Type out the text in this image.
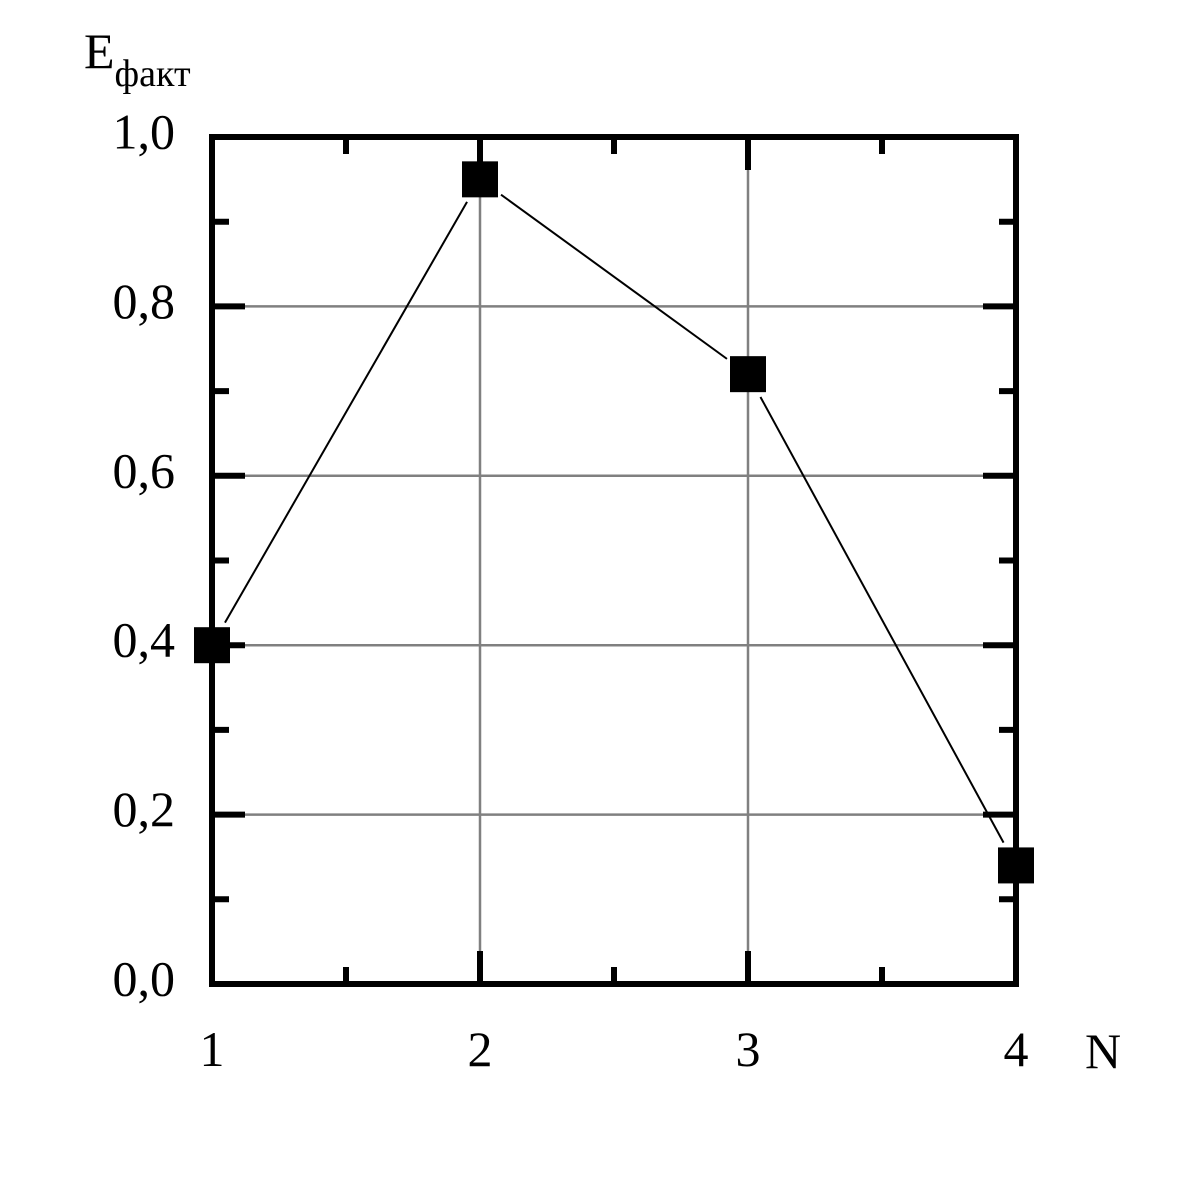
0,0
0,2
0,4
0,6
0,8
1,0
1	2	3	4
Eфакт
N
